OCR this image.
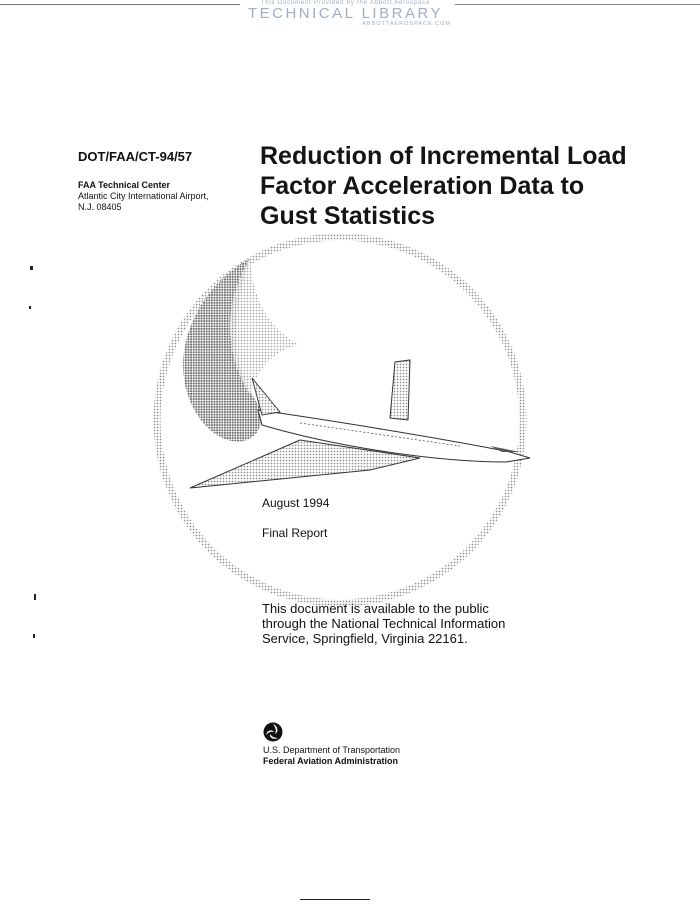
This Document Provided by the Abbott Aerospace
TECHNICAL LIBRARY
ABBOTTAEROSPACE.COM
DOT/FAA/CT-94/57
FAA Technical Center
Atlantic City International Airport,
N.J. 08405
Reduction of Incremental Load
Factor Acceleration Data to
Gust Statistics
August 1994
Final Report
This document is available to the public
through the National Technical Information
Service, Springfield, Virginia 22161.
U.S. Department of Transportation
Federal Aviation Administration
